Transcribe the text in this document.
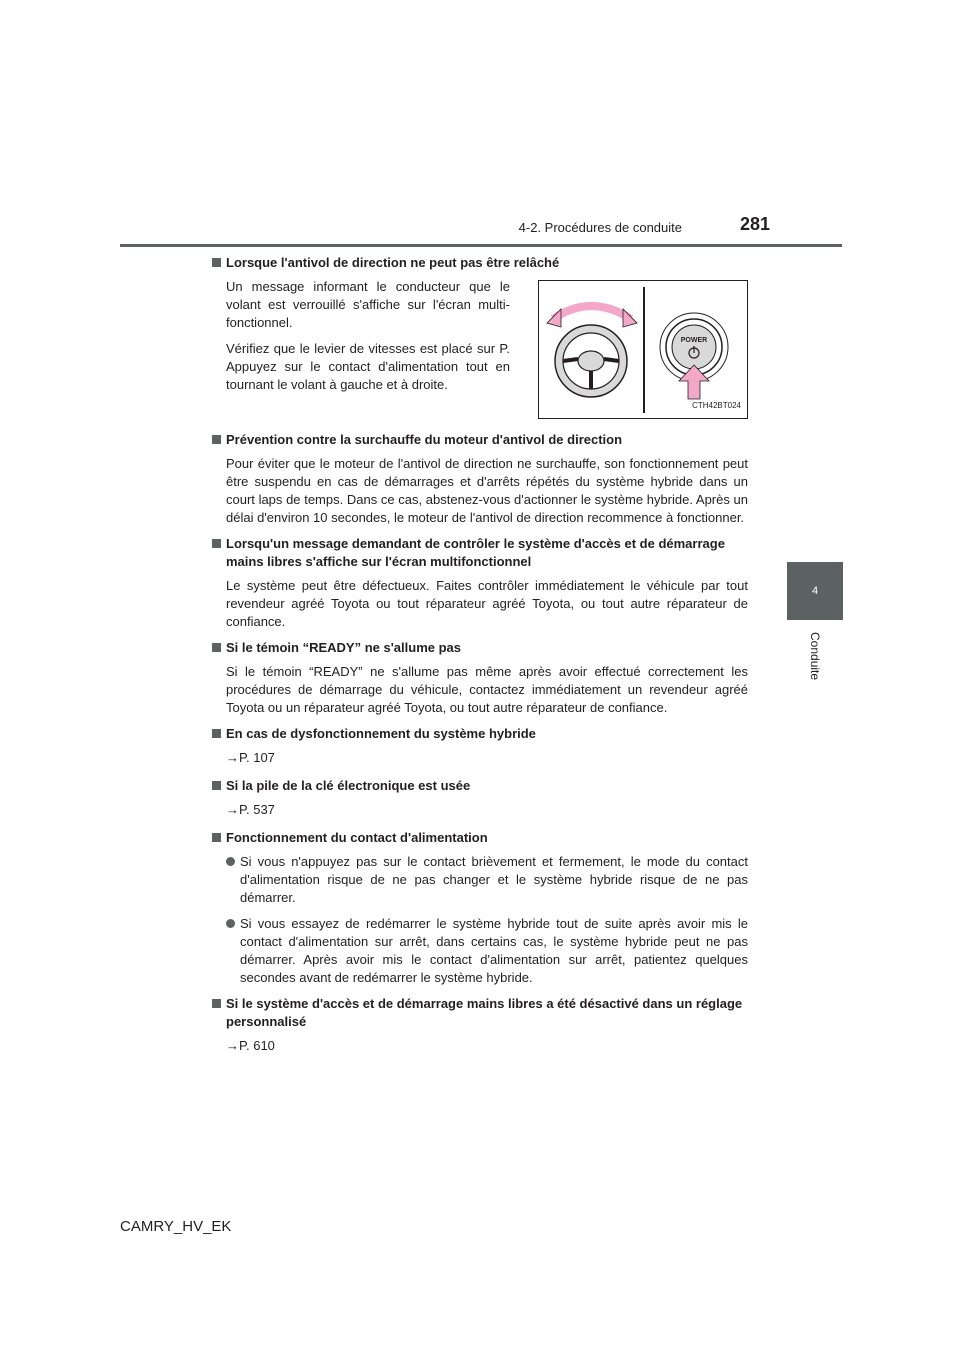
4-2. Procédures de conduite	281
4
Conduite
Lorsque l'antivol de direction ne peut pas être relâché

Un message informant le conducteur que le volant est verrouillé s'affiche sur l'écran multi-fonctionnel.

Vérifiez que le levier de vitesses est placé sur P. Appuyez sur le contact d'alimentation tout en tournant le volant à gauche et à droite.

POWER
CTH42BT024
Prévention contre la surchauffe du moteur d'antivol de direction

Pour éviter que le moteur de l'antivol de direction ne surchauffe, son fonctionnement peut être suspendu en cas de démarrages et d'arrêts répétés du système hybride dans un court laps de temps. Dans ce cas, abstenez-vous d'actionner le système hybride. Après un délai d'environ 10 secondes, le moteur de l'antivol de direction recommence à fonctionner.

Lorsqu'un message demandant de contrôler le système d'accès et de démarrage mains libres s'affiche sur l'écran multifonctionnel

Le système peut être défectueux. Faites contrôler immédiatement le véhicule par tout revendeur agréé Toyota ou tout réparateur agréé Toyota, ou tout autre réparateur de confiance.

Si le témoin “READY” ne s'allume pas

Si le témoin “READY” ne s'allume pas même après avoir effectué correctement les procédures de démarrage du véhicule, contactez immédiatement un revendeur agréé Toyota ou un réparateur agréé Toyota, ou tout autre réparateur de confiance.

En cas de dysfonctionnement du système hybride

→P. 107

Si la pile de la clé électronique est usée

→P. 537

Fonctionnement du contact d'alimentation
Si vous n'appuyez pas sur le contact brièvement et fermement, le mode du contact d'alimentation risque de ne pas changer et le système hybride risque de ne pas démarrer.
Si vous essayez de redémarrer le système hybride tout de suite après avoir mis le contact d'alimentation sur arrêt, dans certains cas, le système hybride peut ne pas démarrer. Après avoir mis le contact d'alimentation sur arrêt, patientez quelques secondes avant de redémarrer le système hybride.
Si le système d'accès et de démarrage mains libres a été désactivé dans un réglage personnalisé

→P. 610

CAMRY_HV_EK
